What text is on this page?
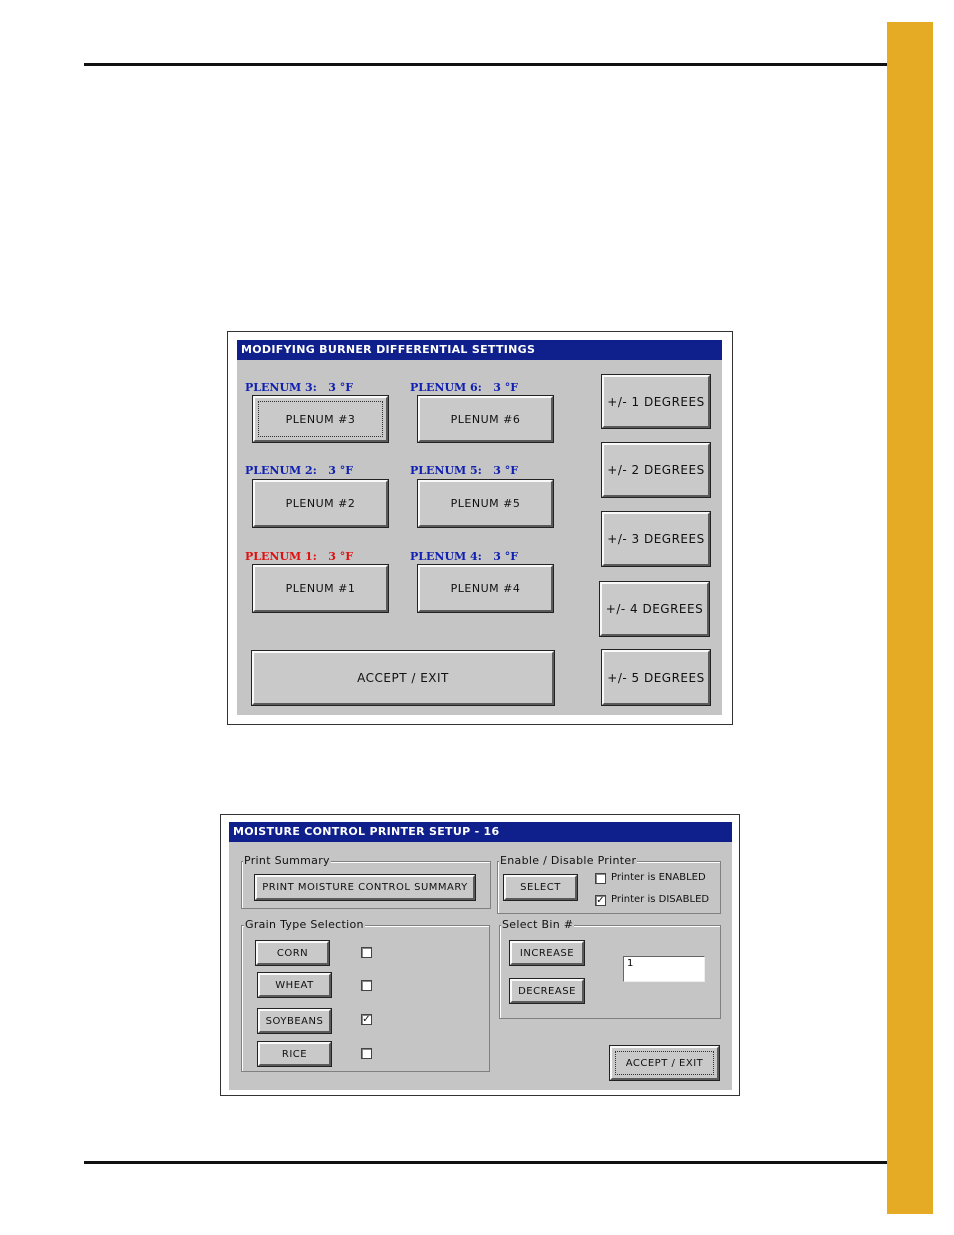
MODIFYING BURNER DIFFERENTIAL SETTINGS
PLENUM 3:   3 °F
PLENUM #3
PLENUM 6:   3 °F
PLENUM #6
PLENUM 2:   3 °F
PLENUM #2
PLENUM 5:   3 °F
PLENUM #5
PLENUM 1:   3 °F
PLENUM #1
PLENUM 4:   3 °F
PLENUM #4
ACCEPT / EXIT
+/- 1 DEGREES
+/- 2 DEGREES
+/- 3 DEGREES
+/- 4 DEGREES
+/- 5 DEGREES
MOISTURE CONTROL PRINTER SETUP - 16
Print Summary
PRINT MOISTURE CONTROL SUMMARY
Enable / Disable Printer
SELECT
Printer is ENABLED
✓ Printer is DISABLED
Grain Type Selection
CORN
WHEAT
SOYBEANS	✓
RICE
Select Bin #
INCREASE
DECREASE
1
ACCEPT / EXIT
